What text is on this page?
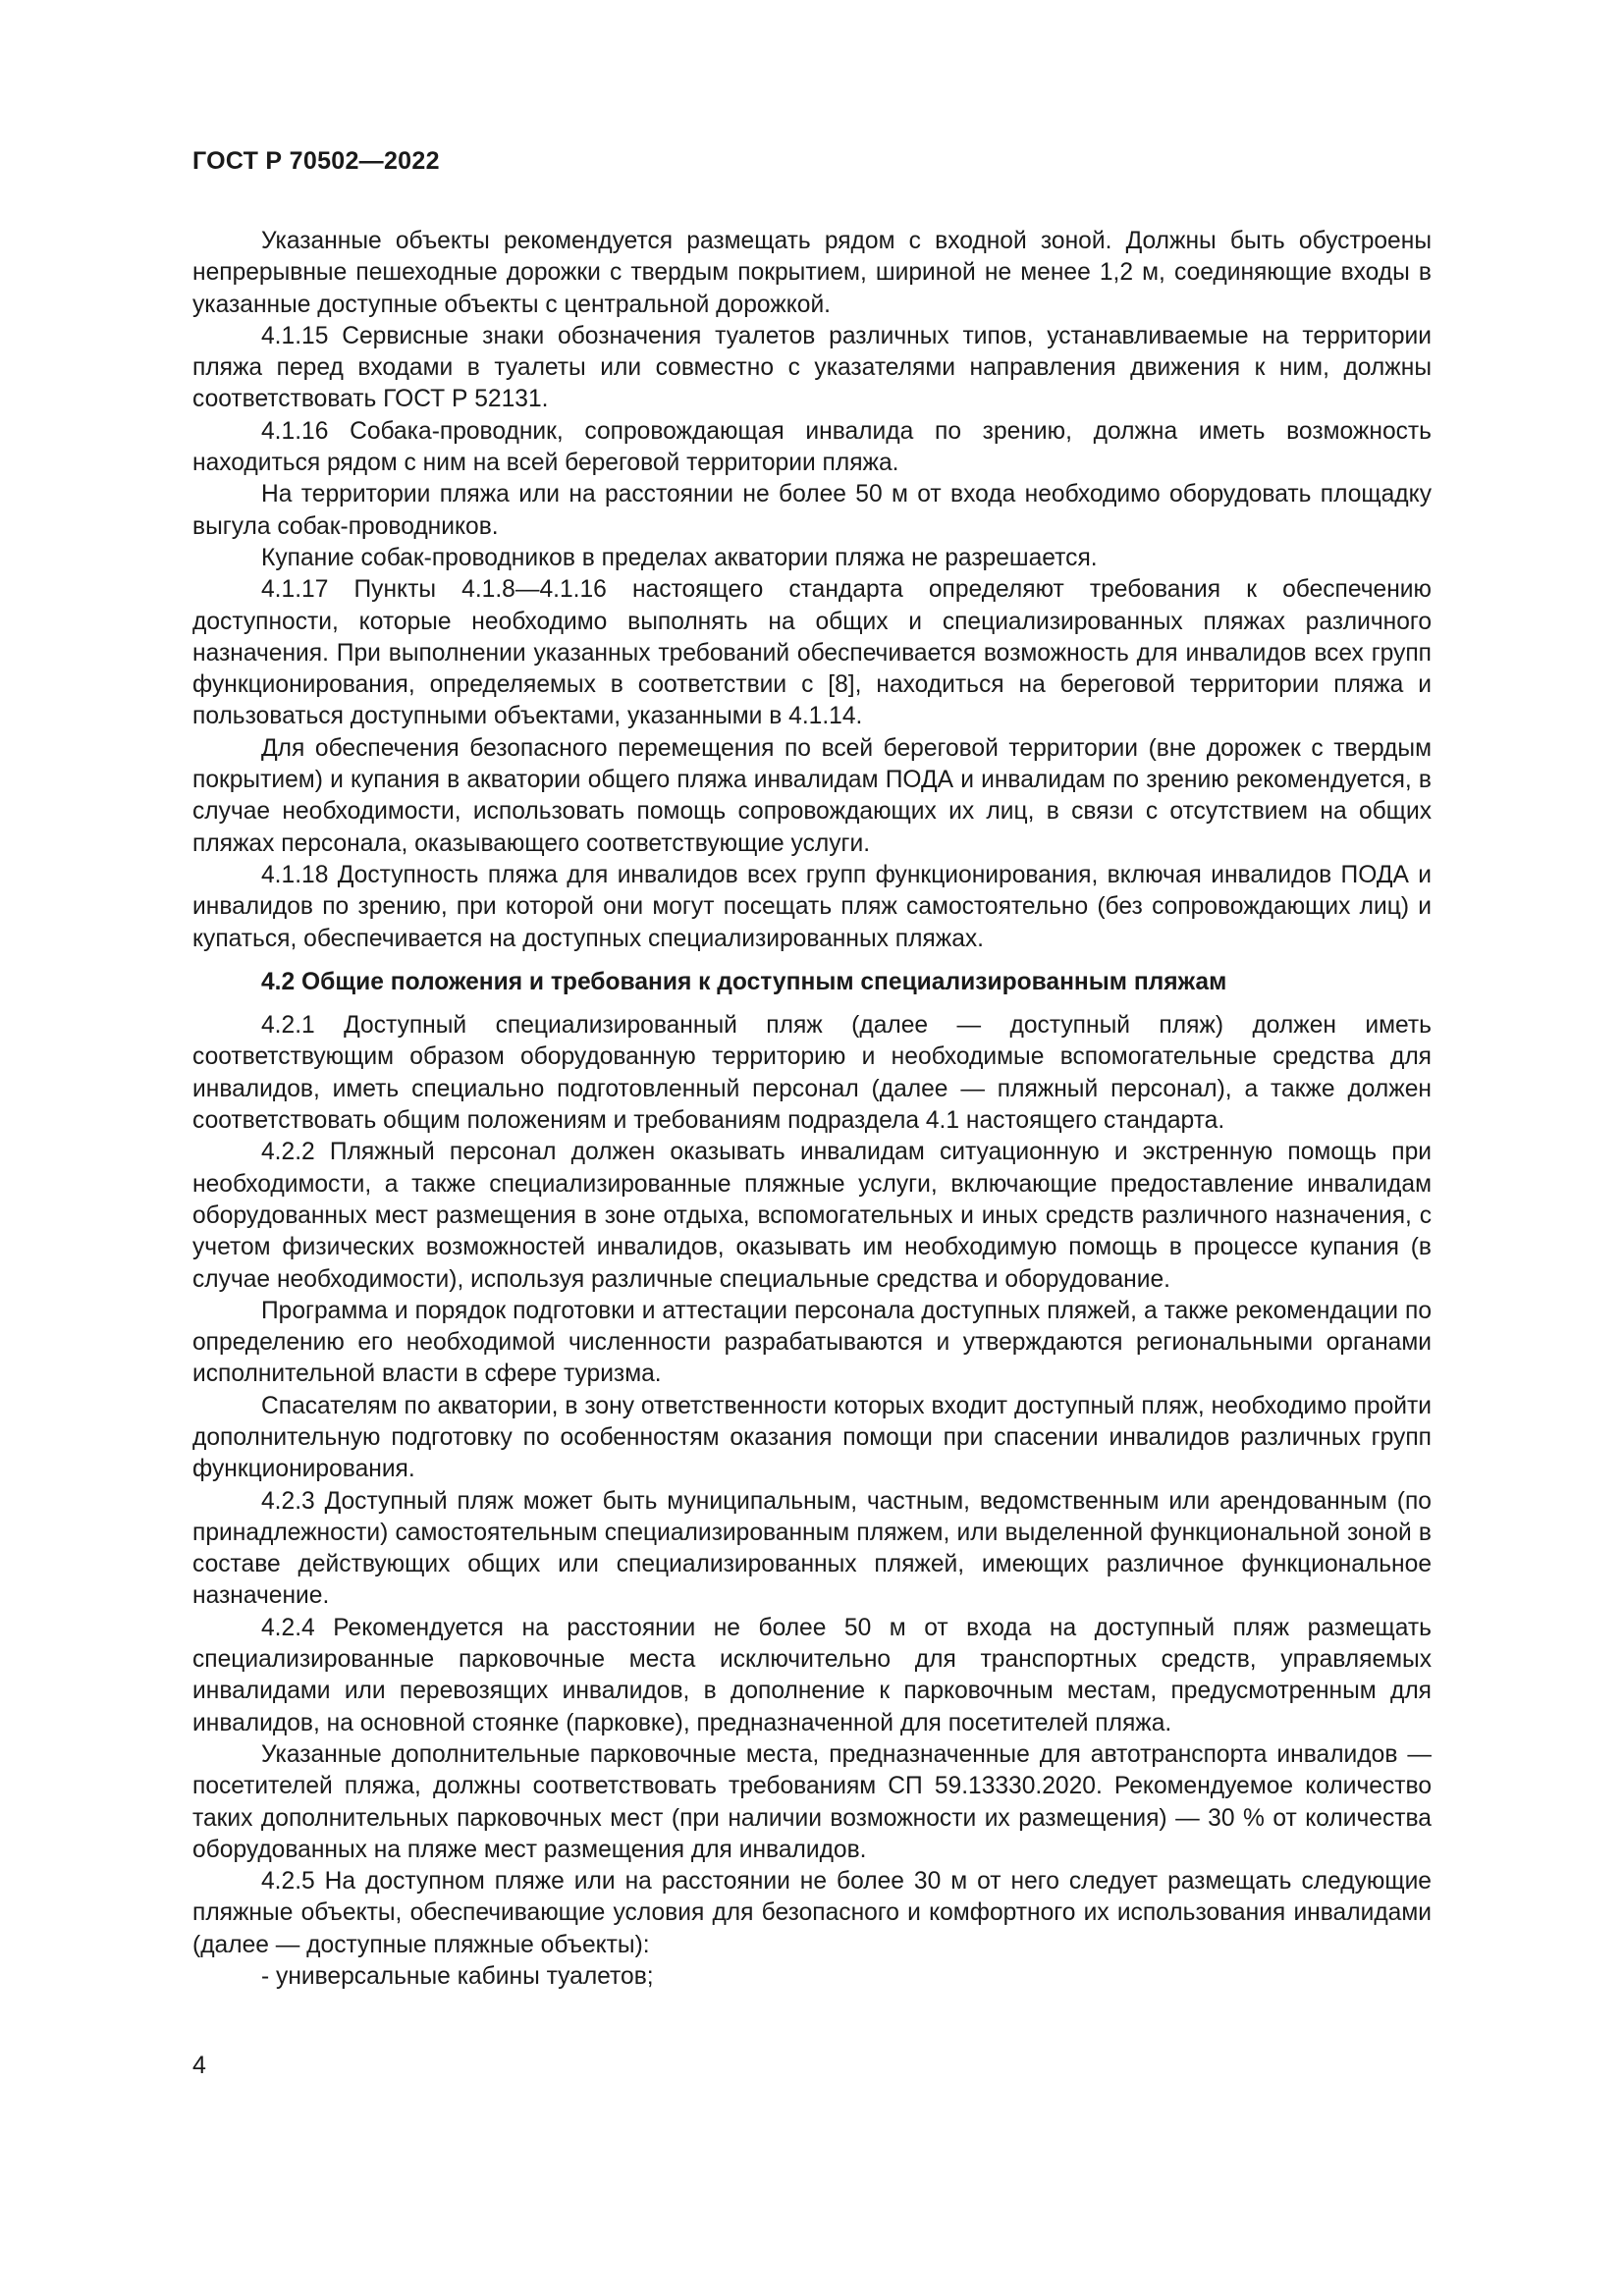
ГОСТ Р 70502—2022

Указанные объекты рекомендуется размещать рядом с входной зоной. Должны быть обустроены непрерывные пешеходные дорожки с твердым покрытием, шириной не менее 1,2 м, соединяющие входы в указанные доступные объекты с центральной дорожкой.

4.1.15 Сервисные знаки обозначения туалетов различных типов, устанавливаемые на территории пляжа перед входами в туалеты или совместно с указателями направления движения к ним, должны соответствовать ГОСТ Р 52131.

4.1.16 Собака-проводник, сопровождающая инвалида по зрению, должна иметь возможность находиться рядом с ним на всей береговой территории пляжа.

На территории пляжа или на расстоянии не более 50 м от входа необходимо оборудовать площадку выгула собак-проводников.

Купание собак-проводников в пределах акватории пляжа не разрешается.

4.1.17 Пункты 4.1.8—4.1.16 настоящего стандарта определяют требования к обеспечению доступности, которые необходимо выполнять на общих и специализированных пляжах различного назначения. При выполнении указанных требований обеспечивается возможность для инвалидов всех групп функционирования, определяемых в соответствии с [8], находиться на береговой территории пляжа и пользоваться доступными объектами, указанными в 4.1.14.

Для обеспечения безопасного перемещения по всей береговой территории (вне дорожек с твердым покрытием) и купания в акватории общего пляжа инвалидам ПОДА и инвалидам по зрению рекомендуется, в случае необходимости, использовать помощь сопровождающих их лиц, в связи с отсутствием на общих пляжах персонала, оказывающего соответствующие услуги.

4.1.18 Доступность пляжа для инвалидов всех групп функционирования, включая инвалидов ПОДА и инвалидов по зрению, при которой они могут посещать пляж самостоятельно (без сопровождающих лиц) и купаться, обеспечивается на доступных специализированных пляжах.

4.2 Общие положения и требования к доступным специализированным пляжам

4.2.1 Доступный специализированный пляж (далее — доступный пляж) должен иметь соответствующим образом оборудованную территорию и необходимые вспомогательные средства для инвалидов, иметь специально подготовленный персонал (далее — пляжный персонал), а также должен соответствовать общим положениям и требованиям подраздела 4.1 настоящего стандарта.

4.2.2 Пляжный персонал должен оказывать инвалидам ситуационную и экстренную помощь при необходимости, а также специализированные пляжные услуги, включающие предоставление инвалидам оборудованных мест размещения в зоне отдыха, вспомогательных и иных средств различного назначения, с учетом физических возможностей инвалидов, оказывать им необходимую помощь в процессе купания (в случае необходимости), используя различные специальные средства и оборудование.

Программа и порядок подготовки и аттестации персонала доступных пляжей, а также рекомендации по определению его необходимой численности разрабатываются и утверждаются региональными органами исполнительной власти в сфере туризма.

Спасателям по акватории, в зону ответственности которых входит доступный пляж, необходимо пройти дополнительную подготовку по особенностям оказания помощи при спасении инвалидов различных групп функционирования.

4.2.3 Доступный пляж может быть муниципальным, частным, ведомственным или арендованным (по принадлежности) самостоятельным специализированным пляжем, или выделенной функциональной зоной в составе действующих общих или специализированных пляжей, имеющих различное функциональное назначение.

4.2.4 Рекомендуется на расстоянии не более 50 м от входа на доступный пляж размещать специализированные парковочные места исключительно для транспортных средств, управляемых инвалидами или перевозящих инвалидов, в дополнение к парковочным местам, предусмотренным для инвалидов, на основной стоянке (парковке), предназначенной для посетителей пляжа.

Указанные дополнительные парковочные места, предназначенные для автотранспорта инвалидов — посетителей пляжа, должны соответствовать требованиям СП 59.13330.2020. Рекомендуемое количество таких дополнительных парковочных мест (при наличии возможности их размещения) — 30 % от количества оборудованных на пляже мест размещения для инвалидов.

4.2.5 На доступном пляже или на расстоянии не более 30 м от него следует размещать следующие пляжные объекты, обеспечивающие условия для безопасного и комфортного их использования инвалидами (далее — доступные пляжные объекты):

- универсальные кабины туалетов;

4
